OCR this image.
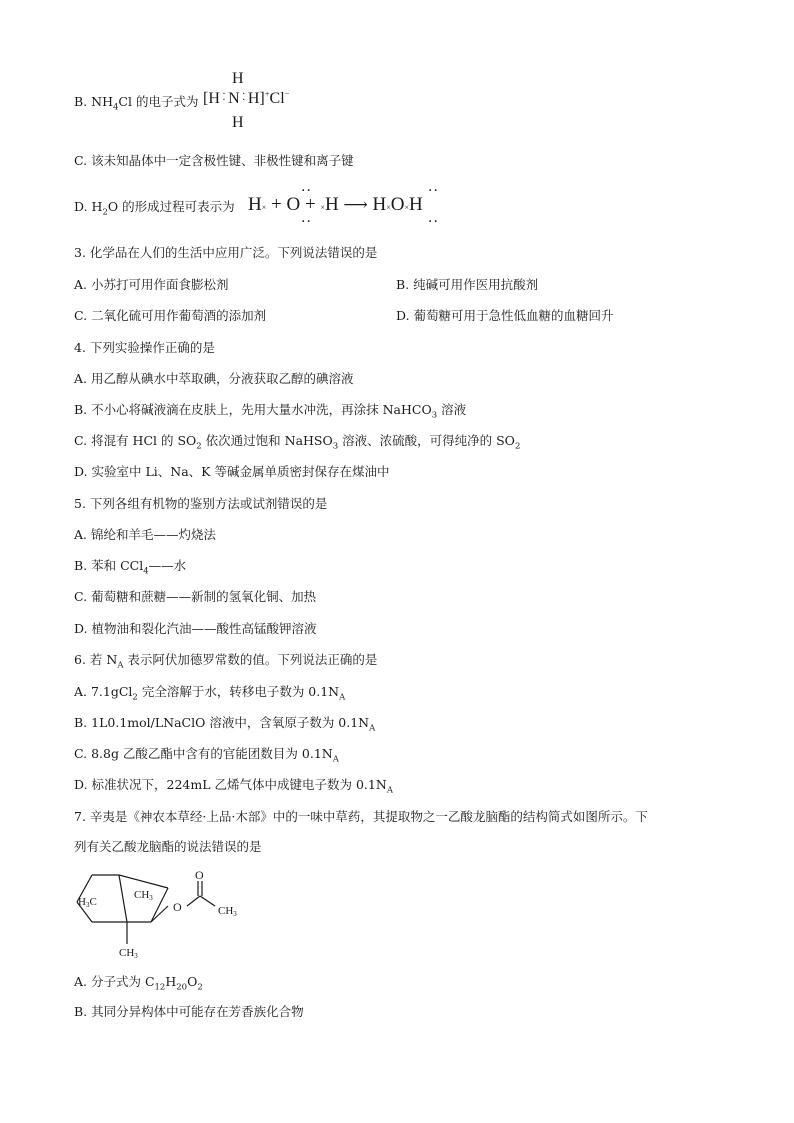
B. $NH_4Cl$ 的电子式为
H
[H ⁚ N ⁚ H]+Cl−
H
C. 该未知晶体中一定含极性键、非极性键和离子键
D. $H_2O$ 的形成过程可表示为 H× + O + ×H ⟶ H×O×H
··
··
··
··
3. 化学品在人们的生活中应用广泛。下列说法错误的是
A. 小苏打可用作面食膨松剂	B. 纯碱可用作医用抗酸剂
C. 二氧化硫可用作葡萄酒的添加剂	D. 葡萄糖可用于急性低血糖的血糖回升
4. 下列实验操作正确的是
A. 用乙醇从碘水中萃取碘，分液获取乙醇的碘溶液
B. 不小心将碱液滴在皮肤上，先用大量水冲洗，再涂抹 NaHCO$_3$ 溶液
C. 将混有 HCl 的 $SO_2$ 依次通过饱和 NaHSO$_3$ 溶液、浓硫酸，可得纯净的 $SO_2$
D. 实验室中 Li、Na、K 等碱金属单质密封保存在煤油中
5. 下列各组有机物的鉴别方法或试剂错误的是
A. 锦纶和羊毛——灼烧法
B. 苯和 CCl$_4$——水
C. 葡萄糖和蔗糖——新制的氢氧化铜、加热
D. 植物油和裂化汽油——酸性高锰酸钾溶液
6. 若 $N_A$ 表示阿伏加德罗常数的值。下列说法正确的是
A. 7.1gCl$_2$ 完全溶解于水，转移电子数为 $0.1N_A$
B. 1L0.1mol/LNaClO 溶液中，含氧原子数为 $0.1N_A$
C. 8.8g 乙酸乙酯中含有的官能团数目为 $0.1N_A$
D. 标准状况下，224mL 乙烯气体中成键电子数为 $0.1N_A$
7. 辛夷是《神农本草经·上品·木部》中的一味中草药，其提取物之一乙酸龙脑酯的结构简式如图所示。下
列有关乙酸龙脑酯的说法错误的是
H3C
CH3
CH3
O
O
CH3
A. 分子式为 $C_{12}H_{20}O_2$
B. 其同分异构体中可能存在芳香族化合物
